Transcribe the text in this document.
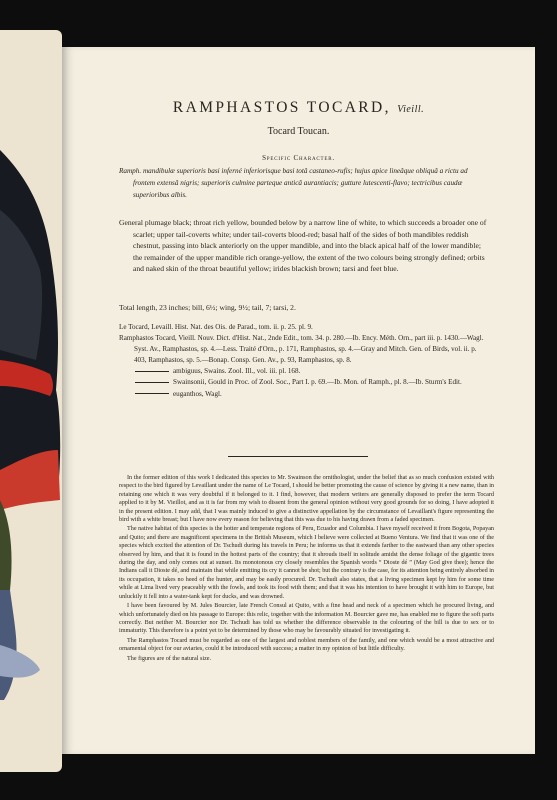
RAMPHASTOS TOCARD, Vieill.
Tocard Toucan.
Specific Character.

Ramph. mandibulæ superioris basi inferné inferiorisque basi totâ castaneo-rufis; hujus apice lineâque obliquâ a rictu ad frontem extensâ nigris; superioris culmine parteque anticâ aurantiacis; gutture lutescenti-flavo; tectricibus caudæ superioribus albis.

General plumage black; throat rich yellow, bounded below by a narrow line of white, to which succeeds a broader one of scarlet; upper tail-coverts white; under tail-coverts blood-red; basal half of the sides of both mandibles reddish chestnut, passing into black anteriorly on the upper mandible, and into the black apical half of the lower mandible; the remainder of the upper mandible rich orange-yellow, the extent of the two colours being strongly defined; orbits and naked skin of the throat beautiful yellow; irides blackish brown; tarsi and feet blue.

Total length, 23 inches; bill, 6½; wing, 9½; tail, 7; tarsi, 2.

Le Tocard, Levaill. Hist. Nat. des Ois. de Parad., tom. ii. p. 25. pl. 9.

Ramphastos Tocard, Vieill. Nouv. Dict. d'Hist. Nat., 2nde Edit., tom. 34. p. 280.—Ib. Ency. Méth. Orn., part iii. p. 1430.—Wagl. Syst. Av., Ramphastos, sp. 4.—Less. Traité d'Orn., p. 171, Ramphastos, sp. 4.—Gray and Mitch. Gen. of Birds, vol. ii. p. 403, Ramphastos, sp. 5.—Bonap. Consp. Gen. Av., p. 93, Ramphastos, sp. 8.

ambiguus, Swains. Zool. Ill., vol. iii. pl. 168.

Swainsonii, Gould in Proc. of Zool. Soc., Part I. p. 69.—Ib. Mon. of Ramph., pl. 8.—Ib. Sturm's Edit.

euganthos, Wagl.

In the former edition of this work I dedicated this species to Mr. Swainson the ornithologist, under the belief that as so much confusion existed with respect to the bird figured by Levaillant under the name of Le Tocard, I should be better promoting the cause of science by giving it a new name, than in retaining one which it was very doubtful if it belonged to it. I find, however, that modern writers are generally disposed to prefer the term Tocard applied to it by M. Vieillot, and as it is far from my wish to dissent from the general opinion without very good grounds for so doing, I have adopted it in the present edition. I may add, that I was mainly induced to give a distinctive appellation by the circumstance of Levaillant's figure representing the bird with a white breast; but I have now every reason for believing that this was due to his having drawn from a faded specimen.

The native habitat of this species is the hotter and temperate regions of Peru, Ecuador and Columbia. I have myself received it from Bogota, Popayan and Quito; and there are magnificent specimens in the British Museum, which I believe were collected at Bueno Ventura. We find that it was one of the species which excited the attention of Dr. Tschudi during his travels in Peru; he informs us that it extends farther to the eastward than any other species observed by him, and that it is found in the hottest parts of the country; that it shrouds itself in solitude amidst the dense foliage of the gigantic trees during the day, and only comes out at sunset. Its monotonous cry closely resembles the Spanish words “ Dioste dé ” (May God give thee); hence the Indians call it Dioste dé, and maintain that while emitting its cry it cannot be shot; but the contrary is the case, for its attention being entirely absorbed in its occupation, it takes no heed of the hunter, and may be easily procured. Dr. Tschudi also states, that a living specimen kept by him for some time while at Lima lived very peaceably with the fowls, and took its food with them; and that it was his intention to have brought it with him to Europe, but unluckily it fell into a water-tank kept for ducks, and was drowned.

I have been favoured by M. Jules Bourcier, late French Consul at Quito, with a fine head and neck of a specimen which he procured living, and which unfortunately died on his passage to Europe: this relic, together with the information M. Bourcier gave me, has enabled me to figure the soft parts correctly. But neither M. Bourcier nor Dr. Tschudi has told us whether the difference observable in the colouring of the bill is due to sex or to immaturity. This therefore is a point yet to be determined by those who may be favourably situated for investigating it.

The Ramphastos Tocard must be regarded as one of the largest and noblest members of the family, and one which would be a most attractive and ornamental object for our aviaries, could it be introduced with success; a matter in my opinion of but little difficulty.

The figures are of the natural size.
